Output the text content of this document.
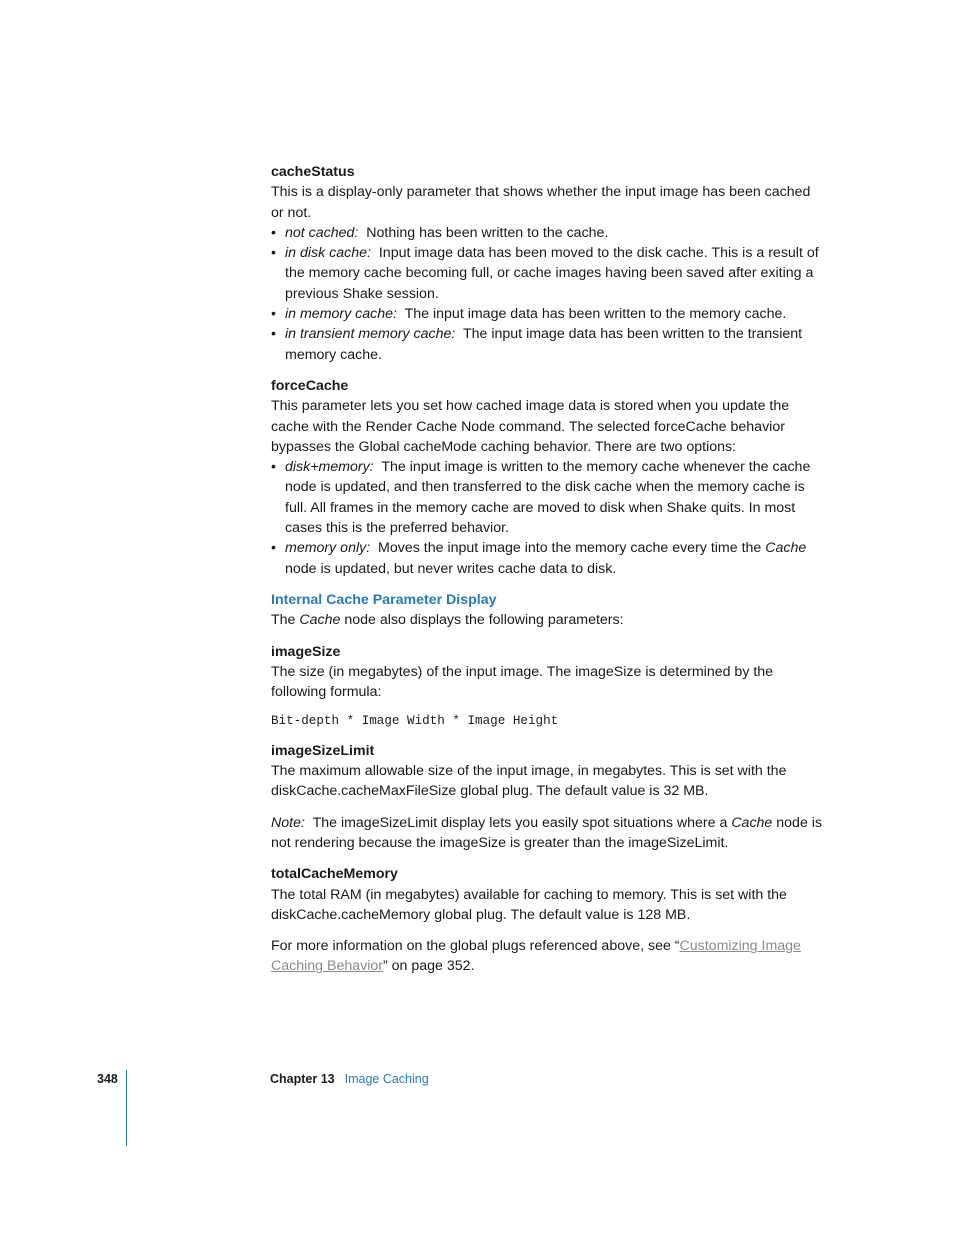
cacheStatus

This is a display-only parameter that shows whether the input image has been cached or not.

• not cached: Nothing has been written to the cache.
• in disk cache: Input image data has been moved to the disk cache. This is a result of the memory cache becoming full, or cache images having been saved after exiting a previous Shake session.
• in memory cache: The input image data has been written to the memory cache.
• in transient memory cache: The input image data has been written to the transient memory cache.

forceCache

This parameter lets you set how cached image data is stored when you update the cache with the Render Cache Node command. The selected forceCache behavior bypasses the Global cacheMode caching behavior. There are two options:

• disk+memory: The input image is written to the memory cache whenever the cache node is updated, and then transferred to the disk cache when the memory cache is full. All frames in the memory cache are moved to disk when Shake quits. In most cases this is the preferred behavior.
• memory only: Moves the input image into the memory cache every time the Cache node is updated, but never writes cache data to disk.

Internal Cache Parameter Display

The Cache node also displays the following parameters:

imageSize

The size (in megabytes) of the input image. The imageSize is determined by the following formula:

Bit-depth * Image Width * Image Height

imageSizeLimit

The maximum allowable size of the input image, in megabytes. This is set with the diskCache.cacheMaxFileSize global plug. The default value is 32 MB.

Note: The imageSizeLimit display lets you easily spot situations where a Cache node is not rendering because the imageSize is greater than the imageSizeLimit.

totalCacheMemory

The total RAM (in megabytes) available for caching to memory. This is set with the diskCache.cacheMemory global plug. The default value is 128 MB.

For more information on the global plugs referenced above, see “Customizing Image Caching Behavior” on page 352.

348	Chapter 13 Image Caching
